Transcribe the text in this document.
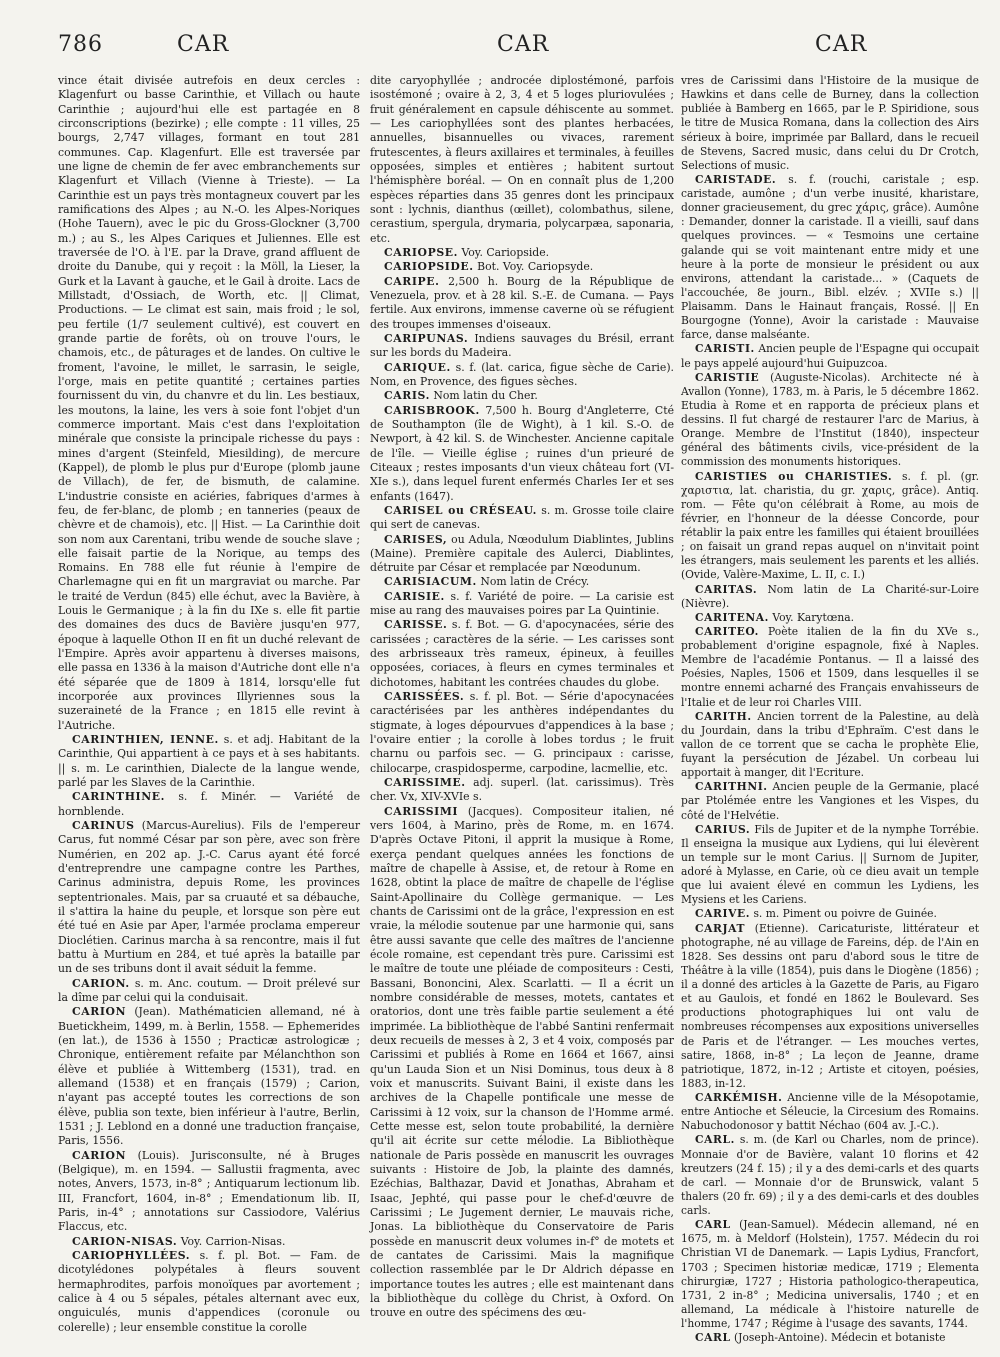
786	CAR	CAR	CAR

vince était divisée autrefois en deux cercles : Klagenfurt ou basse Carinthie, et Villach ou haute Carinthie ; aujourd'hui elle est partagée en 8 circonscriptions (bezirke) ; elle compte : 11 villes, 25 bourgs, 2,747 villages, formant en tout 281 communes. Cap. Klagenfurt. Elle est traversée par une ligne de chemin de fer avec embranchements sur Klagenfurt et Villach (Vienne à Trieste). — La Carinthie est un pays très montagneux couvert par les ramifications des Alpes ; au N.-O. les Alpes-Noriques (Hohe Tauern), avec le pic du Gross-Glockner (3,700 m.) ; au S., les Alpes Cariques et Juliennes. Elle est traversée de l'O. à l'E. par la Drave, grand affluent de droite du Danube, qui y reçoit : la Möll, la Lieser, la Gurk et la Lavant à gauche, et le Gail à droite. Lacs de Millstadt, d'Ossiach, de Worth, etc. || Climat, Productions. — Le climat est sain, mais froid ; le sol, peu fertile (1/7 seulement cultivé), est couvert en grande partie de forêts, où on trouve l'ours, le chamois, etc., de pâturages et de landes. On cultive le froment, l'avoine, le millet, le sarrasin, le seigle, l'orge, mais en petite quantité ; certaines parties fournissent du vin, du chanvre et du lin. Les bestiaux, les moutons, la laine, les vers à soie font l'objet d'un commerce important. Mais c'est dans l'exploitation minérale que consiste la principale richesse du pays : mines d'argent (Steinfeld, Miesilding), de mercure (Kappel), de plomb le plus pur d'Europe (plomb jaune de Villach), de fer, de bismuth, de calamine. L'industrie consiste en aciéries, fabriques d'armes à feu, de fer-blanc, de plomb ; en tanneries (peaux de chèvre et de chamois), etc. || Hist. — La Carinthie doit son nom aux Carentani, tribu wende de souche slave ; elle faisait partie de la Norique, au temps des Romains. En 788 elle fut réunie à l'empire de Charlemagne qui en fit un margraviat ou marche. Par le traité de Verdun (845) elle échut, avec la Bavière, à Louis le Germanique ; à la fin du IXe s. elle fit partie des domaines des ducs de Bavière jusqu'en 977, époque à laquelle Othon II en fit un duché relevant de l'Empire. Après avoir appartenu à diverses maisons, elle passa en 1336 à la maison d'Autriche dont elle n'a été séparée que de 1809 à 1814, lorsqu'elle fut incorporée aux provinces Illyriennes sous la suzeraineté de la France ; en 1815 elle revint à l'Autriche.

CARINTHIEN, IENNE. s. et adj. Habitant de la Carinthie, Qui appartient à ce pays et à ses habitants. || s. m. Le carinthien, Dialecte de la langue wende, parlé par les Slaves de la Carinthie.

CARINTHINE. s. f. Minér. — Variété de hornblende.

CARINUS (Marcus-Aurelius). Fils de l'empereur Carus, fut nommé César par son père, avec son frère Numérien, en 202 ap. J.-C. Carus ayant été forcé d'entreprendre une campagne contre les Parthes, Carinus administra, depuis Rome, les provinces septentrionales. Mais, par sa cruauté et sa débauche, il s'attira la haine du peuple, et lorsque son père eut été tué en Asie par Aper, l'armée proclama empereur Dioclétien. Carinus marcha à sa rencontre, mais il fut battu à Murtium en 284, et tué après la bataille par un de ses tribuns dont il avait séduit la femme.

CARION. s. m. Anc. coutum. — Droit prélevé sur la dîme par celui qui la conduisait.

CARION (Jean). Mathématicien allemand, né à Buetickheim, 1499, m. à Berlin, 1558. — Ephemerides (en lat.), de 1536 à 1550 ; Practicæ astrologicæ ; Chronique, entièrement refaite par Mélanchthon son élève et publiée à Wittemberg (1531), trad. en allemand (1538) et en français (1579) ; Carion, n'ayant pas accepté toutes les corrections de son élève, publia son texte, bien inférieur à l'autre, Berlin, 1531 ; J. Leblond en a donné une traduction française, Paris, 1556.

CARION (Louis). Jurisconsulte, né à Bruges (Belgique), m. en 1594. — Sallustii fragmenta, avec notes, Anvers, 1573, in-8° ; Antiquarum lectionum lib. III, Francfort, 1604, in-8° ; Emendationum lib. II, Paris, in-4° ; annotations sur Cassiodore, Valérius Flaccus, etc.

CARION-NISAS. Voy. Carrion-Nisas.

CARIOPHYLLÉES. s. f. pl. Bot. — Fam. de dicotylédones polypétales à fleurs souvent hermaphrodites, parfois monoïques par avortement ; calice à 4 ou 5 sépales, pétales alternant avec eux, onguiculés, munis d'appendices (coronule ou colerelle) ; leur ensemble constitue la corolle

dite caryophyllée ; androcée diplostémoné, parfois isostémoné ; ovaire à 2, 3, 4 et 5 loges pluriovulées ; fruit généralement en capsule déhiscente au sommet. — Les cariophyllées sont des plantes herbacées, annuelles, bisannuelles ou vivaces, rarement frutescentes, à fleurs axillaires et terminales, à feuilles opposées, simples et entières ; habitent surtout l'hémisphère boréal. — On en connaît plus de 1,200 espèces réparties dans 35 genres dont les principaux sont : lychnis, dianthus (œillet), colombathus, silene, cerastium, spergula, drymaria, polycarpæa, saponaria, etc.

CARIOPSE. Voy. Cariopside.

CARIOPSIDE. Bot. Voy. Cariopsyde.

CARIPE. 2,500 h. Bourg de la République de Venezuela, prov. et à 28 kil. S.-E. de Cumana. — Pays fertile. Aux environs, immense caverne où se réfugient des troupes immenses d'oiseaux.

CARIPUNAS. Indiens sauvages du Brésil, errant sur les bords du Madeira.

CARIQUE. s. f. (lat. carica, figue sèche de Carie). Nom, en Provence, des figues sèches.

CARIS. Nom latin du Cher.

CARISBROOK. 7,500 h. Bourg d'Angleterre, Cté de Southampton (île de Wight), à 1 kil. S.-O. de Newport, à 42 kil. S. de Winchester. Ancienne capitale de l'île. — Vieille église ; ruines d'un prieuré de Citeaux ; restes imposants d'un vieux château fort (VI-XIe s.), dans lequel furent enfermés Charles Ier et ses enfants (1647).

CARISEL ou CRÉSEAU. s. m. Grosse toile claire qui sert de canevas.

CARISES, ou Adula, Nœodulum Diablintes, Jublins (Maine). Première capitale des Aulerci, Diablintes, détruite par César et remplacée par Nœodunum.

CARISIACUM. Nom latin de Crécy.

CARISIE. s. f. Variété de poire. — La carisie est mise au rang des mauvaises poires par La Quintinie.

CARISSE. s. f. Bot. — G. d'apocynacées, série des carissées ; caractères de la série. — Les carisses sont des arbrisseaux très rameux, épineux, à feuilles opposées, coriaces, à fleurs en cymes terminales et dichotomes, habitant les contrées chaudes du globe.

CARISSÉES. s. f. pl. Bot. — Série d'apocynacées caractérisées par les anthères indépendantes du stigmate, à loges dépourvues d'appendices à la base ; l'ovaire entier ; la corolle à lobes tordus ; le fruit charnu ou parfois sec. — G. principaux : carisse, chilocarpe, craspidosperme, carpodine, lacmellie, etc.

CARISSIME. adj. superl. (lat. carissimus). Très cher. Vx, XIV-XVIe s.

CARISSIMI (Jacques). Compositeur italien, né vers 1604, à Marino, près de Rome, m. en 1674. D'après Octave Pitoni, il apprit la musique à Rome, exerça pendant quelques années les fonctions de maître de chapelle à Assise, et, de retour à Rome en 1628, obtint la place de maître de chapelle de l'église Saint-Apollinaire du Collège germanique. — Les chants de Carissimi ont de la grâce, l'expression en est vraie, la mélodie soutenue par une harmonie qui, sans être aussi savante que celle des maîtres de l'ancienne école romaine, est cependant très pure. Carissimi est le maître de toute une pléiade de compositeurs : Cesti, Bassani, Bononcini, Alex. Scarlatti. — Il a écrit un nombre considérable de messes, motets, cantates et oratorios, dont une très faible partie seulement a été imprimée. La bibliothèque de l'abbé Santini renfermait deux recueils de messes à 2, 3 et 4 voix, composés par Carissimi et publiés à Rome en 1664 et 1667, ainsi qu'un Lauda Sion et un Nisi Dominus, tous deux à 8 voix et manuscrits. Suivant Baini, il existe dans les archives de la Chapelle pontificale une messe de Carissimi à 12 voix, sur la chanson de l'Homme armé. Cette messe est, selon toute probabilité, la dernière qu'il ait écrite sur cette mélodie. La Bibliothèque nationale de Paris possède en manuscrit les ouvrages suivants : Histoire de Job, la plainte des damnés, Ezéchias, Balthazar, David et Jonathas, Abraham et Isaac, Jephté, qui passe pour le chef-d'œuvre de Carissimi ; Le Jugement dernier, Le mauvais riche, Jonas. La bibliothèque du Conservatoire de Paris possède en manuscrit deux volumes in-f° de motets et de cantates de Carissimi. Mais la magnifique collection rassemblée par le Dr Aldrich dépasse en importance toutes les autres ; elle est maintenant dans la bibliothèque du collège du Christ, à Oxford. On trouve en outre des spécimens des œu-

vres de Carissimi dans l'Histoire de la musique de Hawkins et dans celle de Burney, dans la collection publiée à Bamberg en 1665, par le P. Spiridione, sous le titre de Musica Romana, dans la collection des Airs sérieux à boire, imprimée par Ballard, dans le recueil de Stevens, Sacred music, dans celui du Dr Crotch, Selections of music.

CARISTADE. s. f. (rouchi, caristale ; esp. caristade, aumône ; d'un verbe inusité, kharistare, donner gracieusement, du grec χάρις, grâce). Aumône : Demander, donner la caristade. Il a vieilli, sauf dans quelques provinces. — « Tesmoins une certaine galande qui se voit maintenant entre midy et une heure à la porte de monsieur le président ou aux environs, attendant la caristade... » (Caquets de l'accouchée, 8e journ., Bibl. elzév. ; XVIIe s.) || Plaisamm. Dans le Hainaut français, Rossé. || En Bourgogne (Yonne), Avoir la caristade : Mauvaise farce, danse malséante.

CARISTI. Ancien peuple de l'Espagne qui occupait le pays appelé aujourd'hui Guipuzcoa.

CARISTIE (Auguste-Nicolas). Architecte né à Avallon (Yonne), 1783, m. à Paris, le 5 décembre 1862. Etudia à Rome et en rapporta de précieux plans et dessins. Il fut chargé de restaurer l'arc de Marius, à Orange. Membre de l'Institut (1840), inspecteur général des bâtiments civils, vice-président de la commission des monuments historiques.

CARISTIES ou CHARISTIES. s. f. pl. (gr. χαριστια, lat. charistia, du gr. χαρις, grâce). Antiq. rom. — Fête qu'on célébrait à Rome, au mois de février, en l'honneur de la déesse Concorde, pour rétablir la paix entre les familles qui étaient brouillées ; on faisait un grand repas auquel on n'invitait point les étrangers, mais seulement les parents et les alliés. (Ovide, Valère-Maxime, L. II, c. I.)

CARITAS. Nom latin de La Charité-sur-Loire (Nièvre).

CARITENA. Voy. Karytœna.

CARITEO. Poète italien de la fin du XVe s., probablement d'origine espagnole, fixé à Naples. Membre de l'académie Pontanus. — Il a laissé des Poésies, Naples, 1506 et 1509, dans lesquelles il se montre ennemi acharné des Français envahisseurs de l'Italie et de leur roi Charles VIII.

CARITH. Ancien torrent de la Palestine, au delà du Jourdain, dans la tribu d'Ephraïm. C'est dans le vallon de ce torrent que se cacha le prophète Elie, fuyant la persécution de Jézabel. Un corbeau lui apportait à manger, dit l'Ecriture.

CARITHNI. Ancien peuple de la Germanie, placé par Ptolémée entre les Vangiones et les Vispes, du côté de l'Helvétie.

CARIUS. Fils de Jupiter et de la nymphe Torrébie. Il enseigna la musique aux Lydiens, qui lui élevèrent un temple sur le mont Carius. || Surnom de Jupiter, adoré à Mylasse, en Carie, où ce dieu avait un temple que lui avaient élevé en commun les Lydiens, les Mysiens et les Cariens.

CARIVE. s. m. Piment ou poivre de Guinée.

CARJAT (Etienne). Caricaturiste, littérateur et photographe, né au village de Fareins, dép. de l'Ain en 1828. Ses dessins ont paru d'abord sous le titre de Théâtre à la ville (1854), puis dans le Diogène (1856) ; il a donné des articles à la Gazette de Paris, au Figaro et au Gaulois, et fondé en 1862 le Boulevard. Ses productions photographiques lui ont valu de nombreuses récompenses aux expositions universelles de Paris et de l'étranger. — Les mouches vertes, satire, 1868, in-8° ; La leçon de Jeanne, drame patriotique, 1872, in-12 ; Artiste et citoyen, poésies, 1883, in-12.

CARKÉMISH. Ancienne ville de la Mésopotamie, entre Antioche et Séleucie, la Circesium des Romains. Nabuchodonosor y battit Néchao (604 av. J.-C.).

CARL. s. m. (de Karl ou Charles, nom de prince). Monnaie d'or de Bavière, valant 10 florins et 42 kreutzers (24 f. 15) ; il y a des demi-carls et des quarts de carl. — Monnaie d'or de Brunswick, valant 5 thalers (20 fr. 69) ; il y a des demi-carls et des doubles carls.

CARL (Jean-Samuel). Médecin allemand, né en 1675, m. à Meldorf (Holstein), 1757. Médecin du roi Christian VI de Danemark. — Lapis Lydius, Francfort, 1703 ; Specimen historiæ medicæ, 1719 ; Elementa chirurgiæ, 1727 ; Historia pathologico-therapeutica, 1731, 2 in-8° ; Medicina universalis, 1740 ; et en allemand, La médicale à l'histoire naturelle de l'homme, 1747 ; Régime à l'usage des savants, 1744.

CARL (Joseph-Antoine). Médecin et botaniste
